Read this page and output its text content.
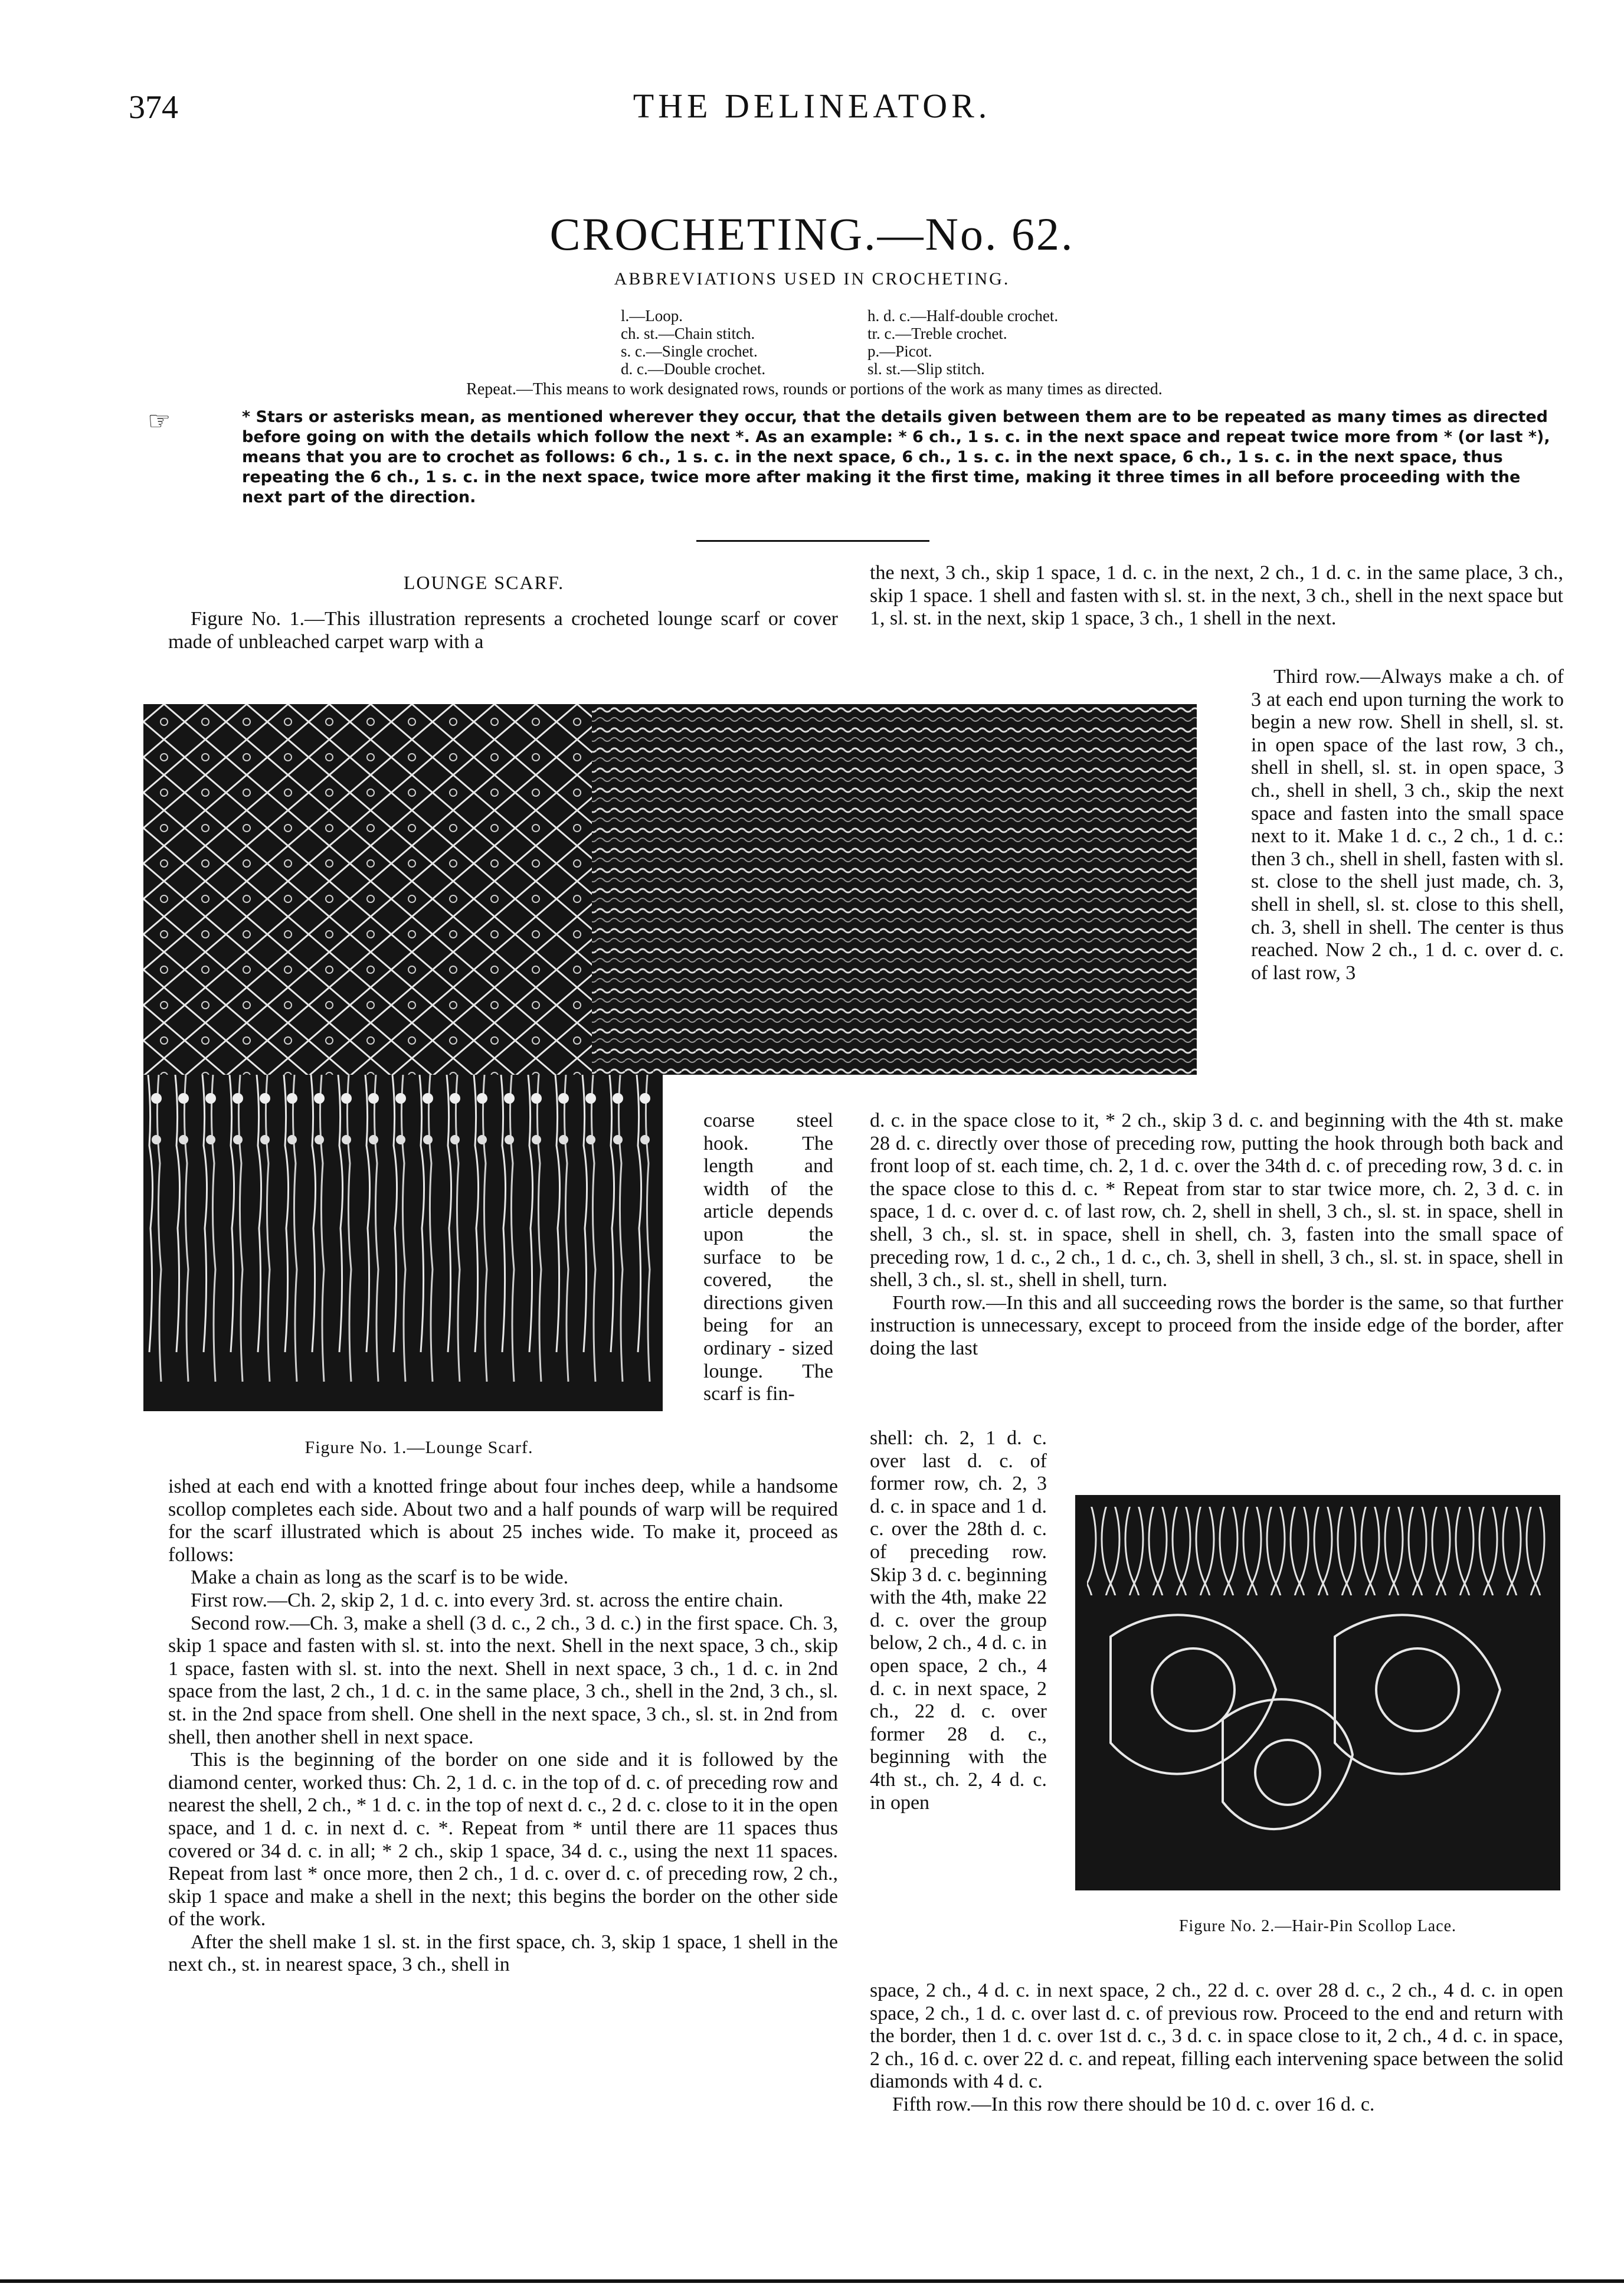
374	THE DELINEATOR.
CROCHETING.—No. 62.
ABBREVIATIONS USED IN CROCHETING.
l.—Loop.
ch. st.—Chain stitch.
s. c.—Single crochet.
d. c.—Double crochet.
h. d. c.—Half-double crochet.
tr. c.—Treble crochet.
p.—Picot.
sl. st.—Slip stitch.
Repeat.—This means to work designated rows, rounds or portions of the work as many times as directed.
☞	* Stars or asterisks mean, as mentioned wherever they occur, that the details given between them are to be repeated as many times as directed before going on with the details which follow the next *. As an example: * 6 ch., 1 s. c. in the next space and repeat twice more from * (or last *), means that you are to crochet as follows: 6 ch., 1 s. c. in the next space, 6 ch., 1 s. c. in the next space, 6 ch., 1 s. c. in the next space, thus repeating the 6 ch., 1 s. c. in the next space, twice more after making it the first time, making it three times in all before proceeding with the next part of the direction.
LOUNGE SCARF.

Figure No. 1.—This illustration represents a crocheted lounge scarf or cover made of unbleached carpet warp with a

coarse steel hook. The length and width of the article depends upon the surface to be covered, the directions given being for an ordinary - sized lounge. The scarf is fin-

Figure No. 1.—Lounge Scarf.

ished at each end with a knotted fringe about four inches deep, while a handsome scollop completes each side. About two and a half pounds of warp will be required for the scarf illustrated which is about 25 inches wide. To make it, proceed as follows:

Make a chain as long as the scarf is to be wide.

First row.—Ch. 2, skip 2, 1 d. c. into every 3rd. st. across the entire chain.

Second row.—Ch. 3, make a shell (3 d. c., 2 ch., 3 d. c.) in the first space. Ch. 3, skip 1 space and fasten with sl. st. into the next. Shell in the next space, 3 ch., skip 1 space, fasten with sl. st. into the next. Shell in next space, 3 ch., 1 d. c. in 2nd space from the last, 2 ch., 1 d. c. in the same place, 3 ch., shell in the 2nd, 3 ch., sl. st. in the 2nd space from shell. One shell in the next space, 3 ch., sl. st. in 2nd from shell, then another shell in next space.

This is the beginning of the border on one side and it is followed by the diamond center, worked thus: Ch. 2, 1 d. c. in the top of d. c. of preceding row and nearest the shell, 2 ch., * 1 d. c. in the top of next d. c., 2 d. c. close to it in the open space, and 1 d. c. in next d. c. *. Repeat from * until there are 11 spaces thus covered or 34 d. c. in all; * 2 ch., skip 1 space, 34 d. c., using the next 11 spaces. Repeat from last * once more, then 2 ch., 1 d. c. over d. c. of preceding row, 2 ch., skip 1 space and make a shell in the next; this begins the border on the other side of the work.

After the shell make 1 sl. st. in the first space, ch. 3, skip 1 space, 1 shell in the next ch., st. in nearest space, 3 ch., shell in

the next, 3 ch., skip 1 space, 1 d. c. in the next, 2 ch., 1 d. c. in the same place, 3 ch., skip 1 space. 1 shell and fasten with sl. st. in the next, 3 ch., shell in the next space but 1, sl. st. in the next, skip 1 space, 3 ch., 1 shell in the next.

Third row.—Always make a ch. of 3 at each end upon turning the work to begin a new row. Shell in shell, sl. st. in open space of the last row, 3 ch., shell in shell, sl. st. in open space, 3 ch., shell in shell, 3 ch., skip the next space and fasten into the small space next to it. Make 1 d. c., 2 ch., 1 d. c.: then 3 ch., shell in shell, fasten with sl. st. close to the shell just made, ch. 3, shell in shell, sl. st. close to this shell, ch. 3, shell in shell. The center is thus reached. Now 2 ch., 1 d. c. over d. c. of last row, 3

d. c. in the space close to it, * 2 ch., skip 3 d. c. and beginning with the 4th st. make 28 d. c. directly over those of preceding row, putting the hook through both back and front loop of st. each time, ch. 2, 1 d. c. over the 34th d. c. of preceding row, 3 d. c. in the space close to this d. c. * Repeat from star to star twice more, ch. 2, 3 d. c. in space, 1 d. c. over d. c. of last row, ch. 2, shell in shell, 3 ch., sl. st. in space, shell in shell, 3 ch., sl. st. in space, shell in shell, ch. 3, fasten into the small space of preceding row, 1 d. c., 2 ch., 1 d. c., ch. 3, shell in shell, 3 ch., sl. st. in space, shell in shell, 3 ch., sl. st., shell in shell, turn.

Fourth row.—In this and all succeeding rows the border is the same, so that further instruction is unnecessary, except to proceed from the inside edge of the border, after doing the last

shell: ch. 2, 1 d. c. over last d. c. of former row, ch. 2, 3 d. c. in space and 1 d. c. over the 28th d. c. of preceding row. Skip 3 d. c. beginning with the 4th, make 22 d. c. over the group below, 2 ch., 4 d. c. in open space, 2 ch., 4 d. c. in next space, 2 ch., 22 d. c. over former 28 d. c., beginning with the 4th st., ch. 2, 4 d. c. in open

Figure No. 2.—Hair-Pin Scollop Lace.

space, 2 ch., 4 d. c. in next space, 2 ch., 22 d. c. over 28 d. c., 2 ch., 4 d. c. in open space, 2 ch., 1 d. c. over last d. c. of previous row. Proceed to the end and return with the border, then 1 d. c. over 1st d. c., 3 d. c. in space close to it, 2 ch., 4 d. c. in space, 2 ch., 16 d. c. over 22 d. c. and repeat, filling each intervening space between the solid diamonds with 4 d. c.

Fifth row.—In this row there should be 10 d. c. over 16 d. c.
